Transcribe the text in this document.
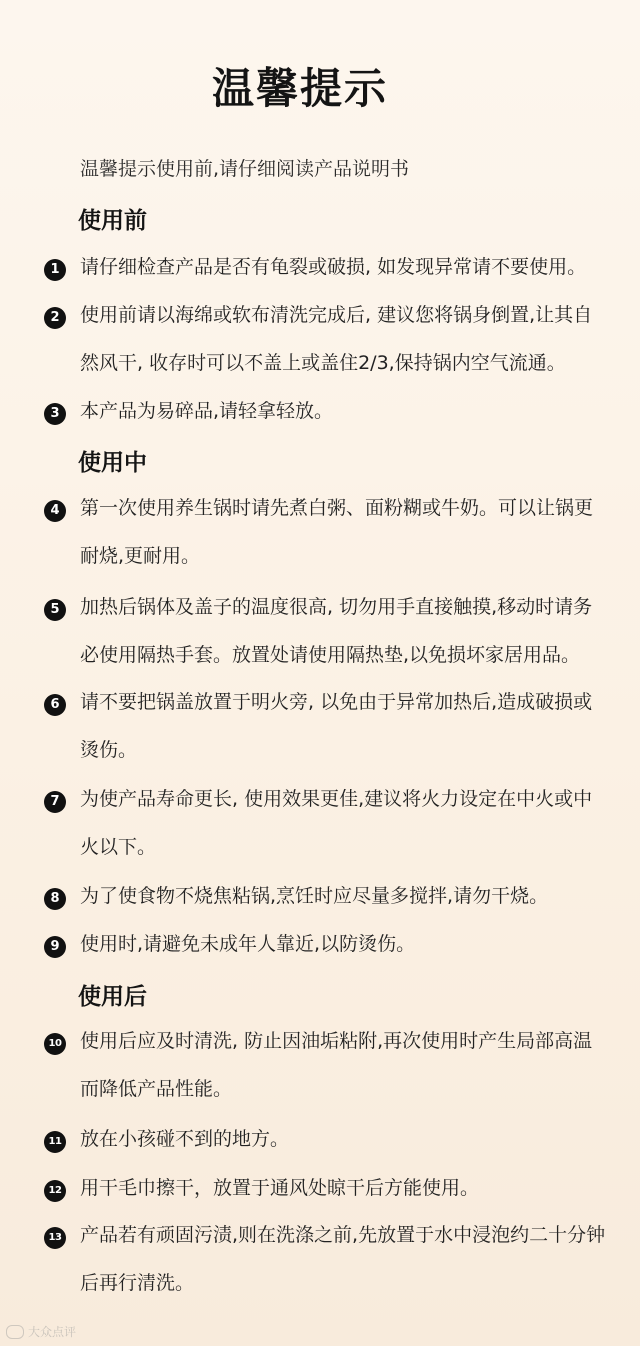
温馨提示
温馨提示使用前,请仔细阅读产品说明书
使用前
1	请仔细检查产品是否有龟裂或破损, 如发现异常请不要使用。
2	使用前请以海绵或软布清洗完成后, 建议您将锅身倒置,让其自然风干, 收存时可以不盖上或盖住2/3,保持锅内空气流通。
3	本产品为易碎品,请轻拿轻放。
使用中
4	第一次使用养生锅时请先煮白粥、面粉糊或牛奶。可以让锅更耐烧,更耐用。
5	加热后锅体及盖子的温度很高, 切勿用手直接触摸,移动时请务必使用隔热手套。放置处请使用隔热垫,以免损坏家居用品。
6	请不要把锅盖放置于明火旁, 以免由于异常加热后,造成破损或烫伤。
7	为使产品寿命更长, 使用效果更佳,建议将火力设定在中火或中火以下。
8	为了使食物不烧焦粘锅,烹饪时应尽量多搅拌,请勿干烧。
9	使用时,请避免未成年人靠近,以防烫伤。
使用后
10 使用后应及时清洗, 防止因油垢粘附,再次使用时产生局部高温而降低产品性能。
11 放在小孩碰不到的地方。
12 用干毛巾擦干，放置于通风处晾干后方能使用。
13 产品若有顽固污渍,则在洗涤之前,先放置于水中浸泡约二十分钟后再行清洗。
大众点评
